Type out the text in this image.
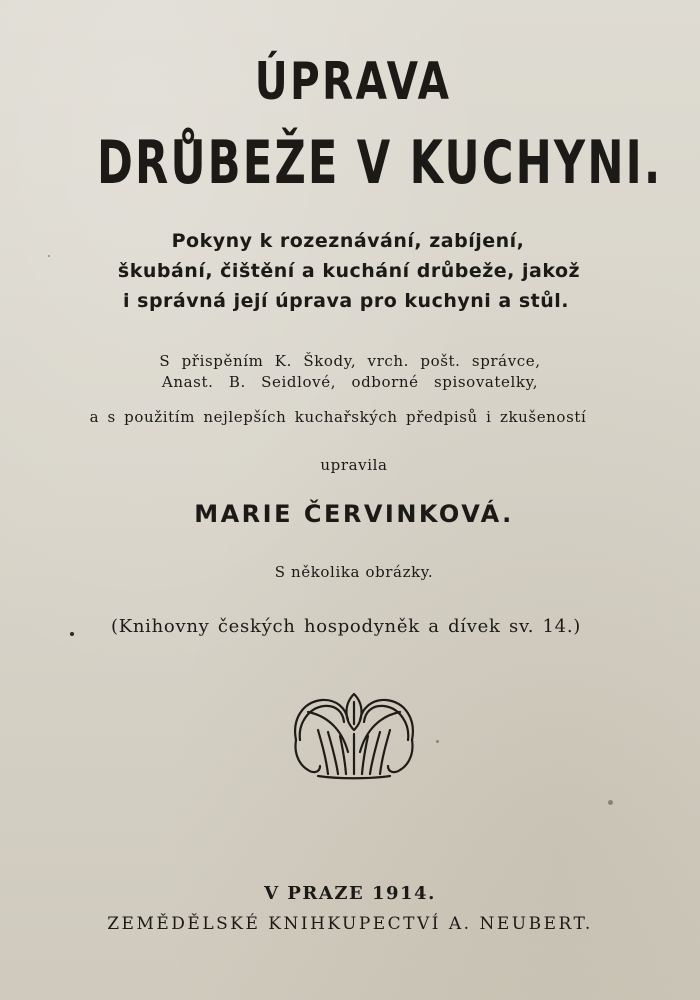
ÚPRAVA
DRŮBEŽE V KUCHYNI.
Pokyny k rozeznávání, zabíjení,
škubání, čištění a kuchání drůbeže, jakož
i správná její úprava pro kuchyni a stůl.
S přispěním K. Škody, vrch. pošt. správce,
Anast. B. Seidlové, odborné spisovatelky,
a s použitím nejlepších kuchařských předpisů i zkušeností
upravila
MARIE ČERVINKOVÁ.
S několika obrázky.
(Knihovny českých hospodyněk a dívek sv. 14.)
V PRAZE 1914.
ZEMĚDĚLSKÉ KNIHKUPECTVÍ A. NEUBERT.
